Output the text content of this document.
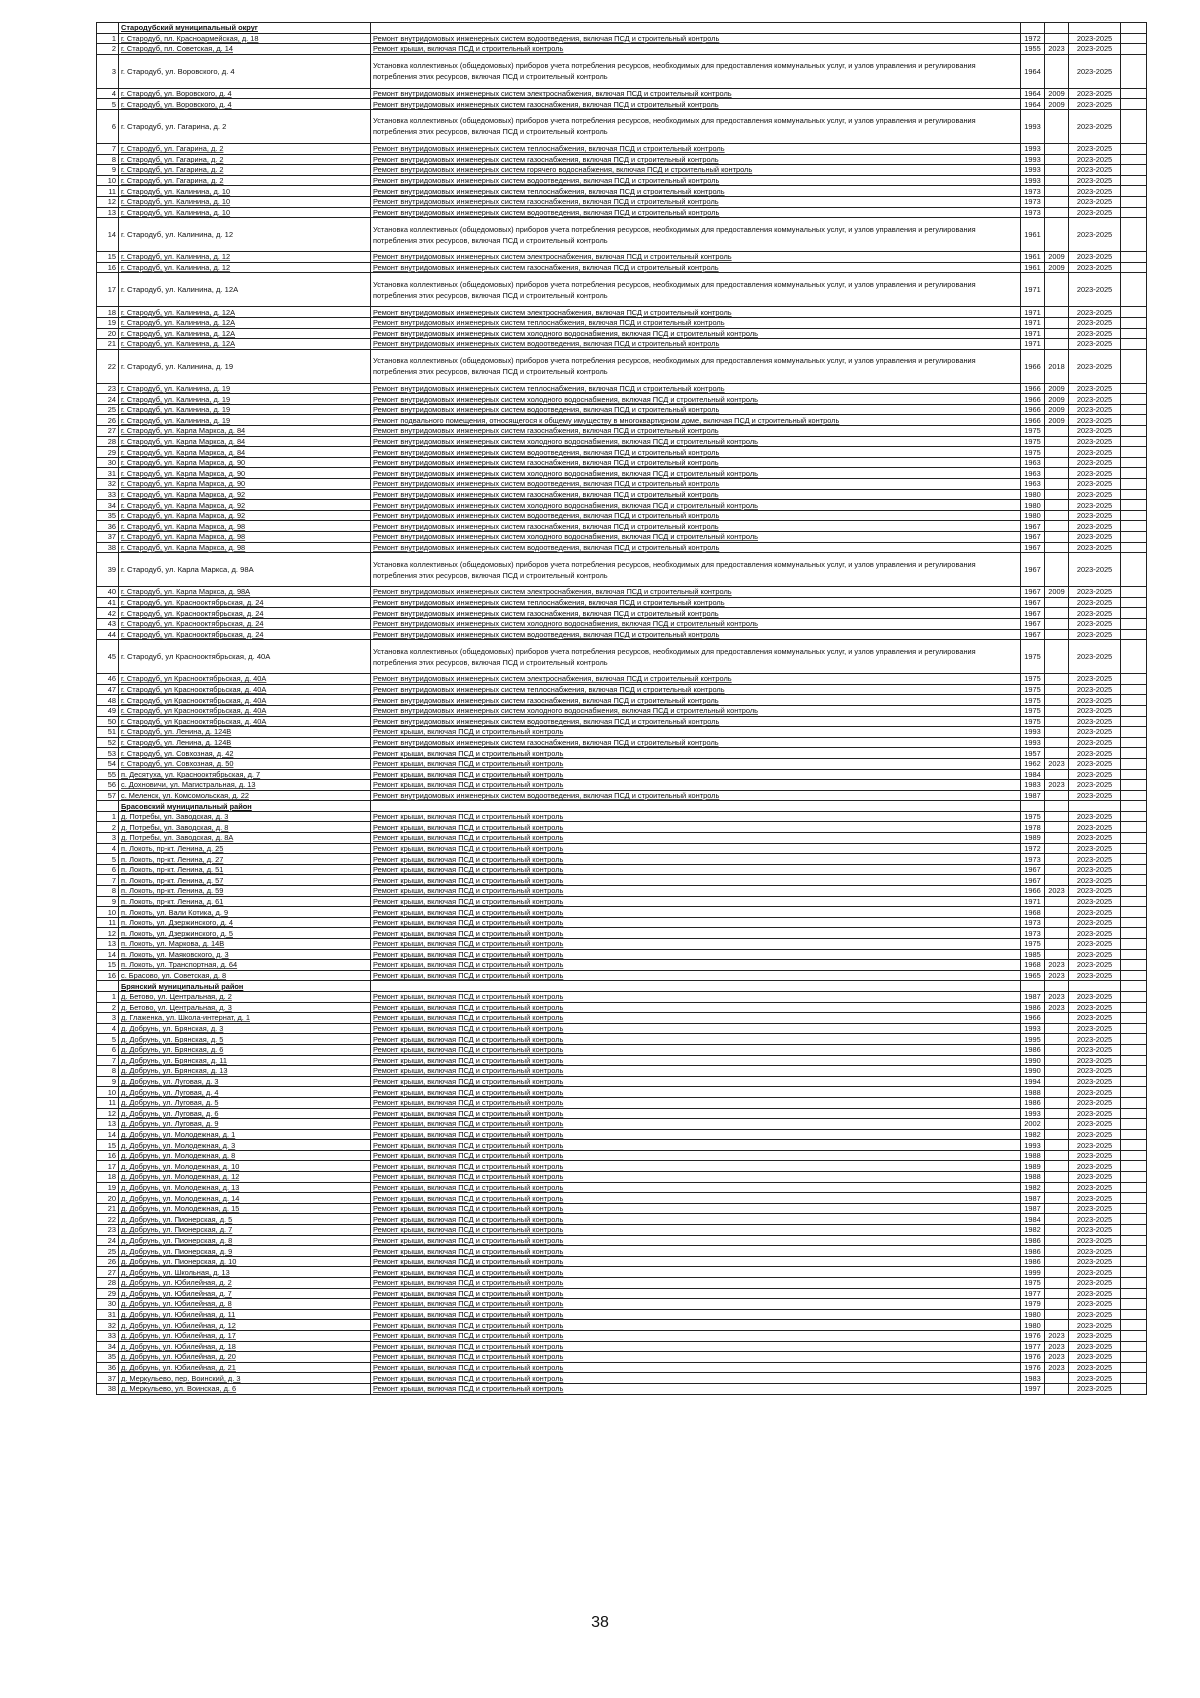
	Стародубский муниципальный округ					
1	г. Стародуб, пл. Красноармейская, д. 18	Ремонт внутридомовых инженерных систем водоотведения, включая ПСД и строительный контроль	1972		2023-2025	
2	г. Стародуб, пл. Советская, д. 14	Ремонт крыши, включая ПСД и строительный контроль	1955	2023	2023-2025	
3	г. Стародуб, ул. Воровского, д. 4	Установка коллективных (общедомовых) приборов учета потребления ресурсов, необходимых для предоставления коммунальных услуг, и узлов управления и регулирования потребления этих ресурсов, включая ПСД и строительный контроль	1964		2023-2025	
4	г. Стародуб, ул. Воровского, д. 4	Ремонт внутридомовых инженерных систем электроснабжения, включая ПСД и строительный контроль	1964	2009	2023-2025	
5	г. Стародуб, ул. Воровского, д. 4	Ремонт внутридомовых инженерных систем газоснабжения, включая ПСД и строительный контроль	1964	2009	2023-2025	
6	г. Стародуб, ул. Гагарина, д. 2	Установка коллективных (общедомовых) приборов учета потребления ресурсов, необходимых для предоставления коммунальных услуг, и узлов управления и регулирования потребления этих ресурсов, включая ПСД и строительный контроль	1993		2023-2025	
7	г. Стародуб, ул. Гагарина, д. 2	Ремонт внутридомовых инженерных систем теплоснабжения, включая ПСД и строительный контроль	1993		2023-2025	
8	г. Стародуб, ул. Гагарина, д. 2	Ремонт внутридомовых инженерных систем газоснабжения, включая ПСД и строительный контроль	1993		2023-2025	
9	г. Стародуб, ул. Гагарина, д. 2	Ремонт внутридомовых инженерных систем горячего водоснабжения, включая ПСД и строительный контроль	1993		2023-2025	
10	г. Стародуб, ул. Гагарина, д. 2	Ремонт внутридомовых инженерных систем водоотведения, включая ПСД и строительный контроль	1993		2023-2025	
11	г. Стародуб, ул. Калинина, д. 10	Ремонт внутридомовых инженерных систем теплоснабжения, включая ПСД и строительный контроль	1973		2023-2025	
12	г. Стародуб, ул. Калинина, д. 10	Ремонт внутридомовых инженерных систем газоснабжения, включая ПСД и строительный контроль	1973		2023-2025	
13	г. Стародуб, ул. Калинина, д. 10	Ремонт внутридомовых инженерных систем водоотведения, включая ПСД и строительный контроль	1973		2023-2025	
14	г. Стародуб, ул. Калинина, д. 12	Установка коллективных (общедомовых) приборов учета потребления ресурсов, необходимых для предоставления коммунальных услуг, и узлов управления и регулирования потребления этих ресурсов, включая ПСД и строительный контроль	1961		2023-2025	
15	г. Стародуб, ул. Калинина, д. 12	Ремонт внутридомовых инженерных систем электроснабжения, включая ПСД и строительный контроль	1961	2009	2023-2025	
16	г. Стародуб, ул. Калинина, д. 12	Ремонт внутридомовых инженерных систем газоснабжения, включая ПСД и строительный контроль	1961	2009	2023-2025	
17	г. Стародуб, ул. Калинина, д. 12А	Установка коллективных (общедомовых) приборов учета потребления ресурсов, необходимых для предоставления коммунальных услуг, и узлов управления и регулирования потребления этих ресурсов, включая ПСД и строительный контроль	1971		2023-2025	
18	г. Стародуб, ул. Калинина, д. 12А	Ремонт внутридомовых инженерных систем электроснабжения, включая ПСД и строительный контроль	1971		2023-2025	
19	г. Стародуб, ул. Калинина, д. 12А	Ремонт внутридомовых инженерных систем теплоснабжения, включая ПСД и строительный контроль	1971		2023-2025	
20	г. Стародуб, ул. Калинина, д. 12А	Ремонт внутридомовых инженерных систем холодного водоснабжения, включая ПСД и строительный контроль	1971		2023-2025	
21	г. Стародуб, ул. Калинина, д. 12А	Ремонт внутридомовых инженерных систем водоотведения, включая ПСД и строительный контроль	1971		2023-2025	
22	г. Стародуб, ул. Калинина, д. 19	Установка коллективных (общедомовых) приборов учета потребления ресурсов, необходимых для предоставления коммунальных услуг, и узлов управления и регулирования потребления этих ресурсов, включая ПСД и строительный контроль	1966	2018	2023-2025	
23	г. Стародуб, ул. Калинина, д. 19	Ремонт внутридомовых инженерных систем теплоснабжения, включая ПСД и строительный контроль	1966	2009	2023-2025	
24	г. Стародуб, ул. Калинина, д. 19	Ремонт внутридомовых инженерных систем холодного водоснабжения, включая ПСД и строительный контроль	1966	2009	2023-2025	
25	г. Стародуб, ул. Калинина, д. 19	Ремонт внутридомовых инженерных систем водоотведения, включая ПСД и строительный контроль	1966	2009	2023-2025	
26	г. Стародуб, ул. Калинина, д. 19	Ремонт подвального помещения, относящегося к общему имуществу в многоквартирном доме, включая ПСД и строительный контроль	1966	2009	2023-2025	
27	г. Стародуб, ул. Карла Маркса, д. 84	Ремонт внутридомовых инженерных систем газоснабжения, включая ПСД и строительный контроль	1975		2023-2025	
28	г. Стародуб, ул. Карла Маркса, д. 84	Ремонт внутридомовых инженерных систем холодного водоснабжения, включая ПСД и строительный контроль	1975		2023-2025	
29	г. Стародуб, ул. Карла Маркса, д. 84	Ремонт внутридомовых инженерных систем водоотведения, включая ПСД и строительный контроль	1975		2023-2025	
30	г. Стародуб, ул. Карла Маркса, д. 90	Ремонт внутридомовых инженерных систем газоснабжения, включая ПСД и строительный контроль	1963		2023-2025	
31	г. Стародуб, ул. Карла Маркса, д. 90	Ремонт внутридомовых инженерных систем холодного водоснабжения, включая ПСД и строительный контроль	1963		2023-2025	
32	г. Стародуб, ул. Карла Маркса, д. 90	Ремонт внутридомовых инженерных систем водоотведения, включая ПСД и строительный контроль	1963		2023-2025	
33	г. Стародуб, ул. Карла Маркса, д. 92	Ремонт внутридомовых инженерных систем газоснабжения, включая ПСД и строительный контроль	1980		2023-2025	
34	г. Стародуб, ул. Карла Маркса, д. 92	Ремонт внутридомовых инженерных систем холодного водоснабжения, включая ПСД и строительный контроль	1980		2023-2025	
35	г. Стародуб, ул. Карла Маркса, д. 92	Ремонт внутридомовых инженерных систем водоотведения, включая ПСД и строительный контроль	1980		2023-2025	
36	г. Стародуб, ул. Карла Маркса, д. 98	Ремонт внутридомовых инженерных систем газоснабжения, включая ПСД и строительный контроль	1967		2023-2025	
37	г. Стародуб, ул. Карла Маркса, д. 98	Ремонт внутридомовых инженерных систем холодного водоснабжения, включая ПСД и строительный контроль	1967		2023-2025	
38	г. Стародуб, ул. Карла Маркса, д. 98	Ремонт внутридомовых инженерных систем водоотведения, включая ПСД и строительный контроль	1967		2023-2025	
39	г. Стародуб, ул. Карла Маркса, д. 98А	Установка коллективных (общедомовых) приборов учета потребления ресурсов, необходимых для предоставления коммунальных услуг, и узлов управления и регулирования потребления этих ресурсов, включая ПСД и строительный контроль	1967		2023-2025	
40	г. Стародуб, ул. Карла Маркса, д. 98А	Ремонт внутридомовых инженерных систем электроснабжения, включая ПСД и строительный контроль	1967	2009	2023-2025	
41	г. Стародуб, ул. Краснооктябрьская, д. 24	Ремонт внутридомовых инженерных систем теплоснабжения, включая ПСД и строительный контроль	1967		2023-2025	
42	г. Стародуб, ул. Краснооктябрьская, д. 24	Ремонт внутридомовых инженерных систем газоснабжения, включая ПСД и строительный контроль	1967		2023-2025	
43	г. Стародуб, ул. Краснооктябрьская, д. 24	Ремонт внутридомовых инженерных систем холодного водоснабжения, включая ПСД и строительный контроль	1967		2023-2025	
44	г. Стародуб, ул. Краснооктябрьская, д. 24	Ремонт внутридомовых инженерных систем водоотведения, включая ПСД и строительный контроль	1967		2023-2025	
45	г. Стародуб, ул Краснооктябрьская, д. 40А	Установка коллективных (общедомовых) приборов учета потребления ресурсов, необходимых для предоставления коммунальных услуг, и узлов управления и регулирования потребления этих ресурсов, включая ПСД и строительный контроль	1975		2023-2025	
46	г. Стародуб, ул Краснооктябрьская, д. 40А	Ремонт внутридомовых инженерных систем электроснабжения, включая ПСД и строительный контроль	1975		2023-2025	
47	г. Стародуб, ул Краснооктябрьская, д. 40А	Ремонт внутридомовых инженерных систем теплоснабжения, включая ПСД и строительный контроль	1975		2023-2025	
48	г. Стародуб, ул Краснооктябрьская, д. 40А	Ремонт внутридомовых инженерных систем газоснабжения, включая ПСД и строительный контроль	1975		2023-2025	
49	г. Стародуб, ул Краснооктябрьская, д. 40А	Ремонт внутридомовых инженерных систем холодного водоснабжения, включая ПСД и строительный контроль	1975		2023-2025	
50	г. Стародуб, ул Краснооктябрьская, д. 40А	Ремонт внутридомовых инженерных систем водоотведения, включая ПСД и строительный контроль	1975		2023-2025	
51	г. Стародуб, ул. Ленина, д. 124В	Ремонт крыши, включая ПСД и строительный контроль	1993		2023-2025	
52	г. Стародуб, ул. Ленина, д. 124В	Ремонт внутридомовых инженерных систем газоснабжения, включая ПСД и строительный контроль	1993		2023-2025	
53	г. Стародуб, ул. Совхозная, д. 42	Ремонт крыши, включая ПСД и строительный контроль	1957		2023-2025	
54	г. Стародуб, ул. Совхозная, д. 50	Ремонт крыши, включая ПСД и строительный контроль	1962	2023	2023-2025	
55	п. Десятуха, ул. Краснооктябрьская, д. 7	Ремонт крыши, включая ПСД и строительный контроль	1984		2023-2025	
56	с. Дохновичи, ул. Магистральная, д. 13	Ремонт крыши, включая ПСД и строительный контроль	1983	2023	2023-2025	
57	с. Меленск, ул. Комсомольская, д. 22	Ремонт внутридомовых инженерных систем водоотведения, включая ПСД и строительный контроль	1987		2023-2025	
	Брасовский муниципальный район					
1	д. Потребы, ул. Заводская, д. 3	Ремонт крыши, включая ПСД и строительный контроль	1975		2023-2025	
2	д. Потребы, ул. Заводская, д. 8	Ремонт крыши, включая ПСД и строительный контроль	1978		2023-2025	
3	д. Потребы, ул. Заводская, д. 8А	Ремонт крыши, включая ПСД и строительный контроль	1989		2023-2025	
4	п. Локоть, пр-кт. Ленина, д. 25	Ремонт крыши, включая ПСД и строительный контроль	1972		2023-2025	
5	п. Локоть, пр-кт. Ленина, д. 27	Ремонт крыши, включая ПСД и строительный контроль	1973		2023-2025	
6	п. Локоть, пр-кт. Ленина, д. 51	Ремонт крыши, включая ПСД и строительный контроль	1967		2023-2025	
7	п. Локоть, пр-кт. Ленина, д. 57	Ремонт крыши, включая ПСД и строительный контроль	1967		2023-2025	
8	п. Локоть, пр-кт. Ленина, д. 59	Ремонт крыши, включая ПСД и строительный контроль	1966	2023	2023-2025	
9	п. Локоть, пр-кт. Ленина, д. 61	Ремонт крыши, включая ПСД и строительный контроль	1971		2023-2025	
10	п. Локоть, ул. Вали Котика, д. 9	Ремонт крыши, включая ПСД и строительный контроль	1968		2023-2025	
11	п. Локоть, ул. Дзержинского, д. 4	Ремонт крыши, включая ПСД и строительный контроль	1973		2023-2025	
12	п. Локоть, ул. Дзержинского, д. 5	Ремонт крыши, включая ПСД и строительный контроль	1973		2023-2025	
13	п. Локоть, ул. Маркова, д. 14В	Ремонт крыши, включая ПСД и строительный контроль	1975		2023-2025	
14	п. Локоть, ул. Маяковского, д. 3	Ремонт крыши, включая ПСД и строительный контроль	1985		2023-2025	
15	п. Локоть, ул. Транспортная, д. 64	Ремонт крыши, включая ПСД и строительный контроль	1968	2023	2023-2025	
16	с. Брасово, ул. Советская, д. 8	Ремонт крыши, включая ПСД и строительный контроль	1965	2023	2023-2025	
	Брянский муниципальный район					
1	д. Бетово, ул. Центральная, д. 2	Ремонт крыши, включая ПСД и строительный контроль	1987	2023	2023-2025	
2	д. Бетово, ул. Центральная, д. 3	Ремонт крыши, включая ПСД и строительный контроль	1986	2023	2023-2025	
3	д. Глаженка, ул. Школа-интернат, д. 1	Ремонт крыши, включая ПСД и строительный контроль	1966		2023-2025	
4	д. Добрунь, ул. Брянская, д. 3	Ремонт крыши, включая ПСД и строительный контроль	1993		2023-2025	
5	д. Добрунь, ул. Брянская, д. 5	Ремонт крыши, включая ПСД и строительный контроль	1995		2023-2025	
6	д. Добрунь, ул. Брянская, д. 6	Ремонт крыши, включая ПСД и строительный контроль	1986		2023-2025	
7	д. Добрунь, ул. Брянская, д. 11	Ремонт крыши, включая ПСД и строительный контроль	1990		2023-2025	
8	д. Добрунь, ул. Брянская, д. 13	Ремонт крыши, включая ПСД и строительный контроль	1990		2023-2025	
9	д. Добрунь, ул. Луговая, д. 3	Ремонт крыши, включая ПСД и строительный контроль	1994		2023-2025	
10	д. Добрунь, ул. Луговая, д. 4	Ремонт крыши, включая ПСД и строительный контроль	1988		2023-2025	
11	д. Добрунь, ул. Луговая, д. 5	Ремонт крыши, включая ПСД и строительный контроль	1986		2023-2025	
12	д. Добрунь, ул. Луговая, д. 6	Ремонт крыши, включая ПСД и строительный контроль	1993		2023-2025	
13	д. Добрунь, ул. Луговая, д. 9	Ремонт крыши, включая ПСД и строительный контроль	2002		2023-2025	
14	д. Добрунь, ул. Молодежная, д. 1	Ремонт крыши, включая ПСД и строительный контроль	1982		2023-2025	
15	д. Добрунь, ул. Молодежная, д. 3	Ремонт крыши, включая ПСД и строительный контроль	1993		2023-2025	
16	д. Добрунь, ул. Молодежная, д. 8	Ремонт крыши, включая ПСД и строительный контроль	1988		2023-2025	
17	д. Добрунь, ул. Молодежная, д. 10	Ремонт крыши, включая ПСД и строительный контроль	1989		2023-2025	
18	д. Добрунь, ул. Молодежная, д. 12	Ремонт крыши, включая ПСД и строительный контроль	1988		2023-2025	
19	д. Добрунь, ул. Молодежная, д. 13	Ремонт крыши, включая ПСД и строительный контроль	1982		2023-2025	
20	д. Добрунь, ул. Молодежная, д. 14	Ремонт крыши, включая ПСД и строительный контроль	1987		2023-2025	
21	д. Добрунь, ул. Молодежная, д. 15	Ремонт крыши, включая ПСД и строительный контроль	1987		2023-2025	
22	д. Добрунь, ул. Пионерская, д. 5	Ремонт крыши, включая ПСД и строительный контроль	1984		2023-2025	
23	д. Добрунь, ул. Пионерская, д. 7	Ремонт крыши, включая ПСД и строительный контроль	1982		2023-2025	
24	д. Добрунь, ул. Пионерская, д. 8	Ремонт крыши, включая ПСД и строительный контроль	1986		2023-2025	
25	д. Добрунь, ул. Пионерская, д. 9	Ремонт крыши, включая ПСД и строительный контроль	1986		2023-2025	
26	д. Добрунь, ул. Пионерская, д. 10	Ремонт крыши, включая ПСД и строительный контроль	1986		2023-2025	
27	д. Добрунь, ул. Школьная, д. 13	Ремонт крыши, включая ПСД и строительный контроль	1999		2023-2025	
28	д. Добрунь, ул. Юбилейная, д. 2	Ремонт крыши, включая ПСД и строительный контроль	1975		2023-2025	
29	д. Добрунь, ул. Юбилейная, д. 7	Ремонт крыши, включая ПСД и строительный контроль	1977		2023-2025	
30	д. Добрунь, ул. Юбилейная, д. 8	Ремонт крыши, включая ПСД и строительный контроль	1979		2023-2025	
31	д. Добрунь, ул. Юбилейная, д. 11	Ремонт крыши, включая ПСД и строительный контроль	1980		2023-2025	
32	д. Добрунь, ул. Юбилейная, д. 12	Ремонт крыши, включая ПСД и строительный контроль	1980		2023-2025	
33	д. Добрунь, ул. Юбилейная, д. 17	Ремонт крыши, включая ПСД и строительный контроль	1976	2023	2023-2025	
34	д. Добрунь, ул. Юбилейная, д. 18	Ремонт крыши, включая ПСД и строительный контроль	1977	2023	2023-2025	
35	д. Добрунь, ул. Юбилейная, д. 20	Ремонт крыши, включая ПСД и строительный контроль	1976	2023	2023-2025	
36	д. Добрунь, ул. Юбилейная, д. 21	Ремонт крыши, включая ПСД и строительный контроль	1976	2023	2023-2025	
37	д. Меркульево, пер. Воинский, д. 3	Ремонт крыши, включая ПСД и строительный контроль	1983		2023-2025	
38	д. Меркульево, ул. Воинская, д. 6	Ремонт крыши, включая ПСД и строительный контроль	1997		2023-2025	
38
